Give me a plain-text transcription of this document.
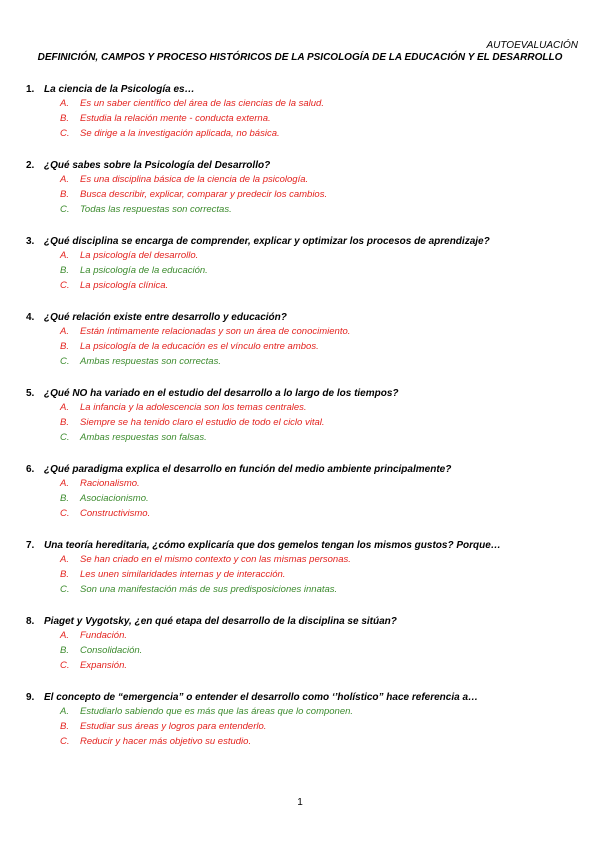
AUTOEVALUACIÓN
DEFINICIÓN, CAMPOS Y PROCESO HISTÓRICOS DE LA PSICOLOGÍA DE LA EDUCACIÓN Y EL DESARROLLO
1. La ciencia de la Psicología es…
A. Es un saber científico del área de las ciencias de la salud.
B. Estudia la relación mente - conducta externa.
C. Se dirige a la investigación aplicada, no básica.
2. ¿Qué sabes sobre la Psicología del Desarrollo?
A. Es una disciplina básica de la ciencia de la psicología.
B. Busca describir, explicar, comparar y predecir los cambios.
C. Todas las respuestas son correctas.
3. ¿Qué disciplina se encarga de comprender, explicar y optimizar los procesos de aprendizaje?
A. La psicología del desarrollo.
B. La psicología de la educación.
C. La psicología clínica.
4. ¿Qué relación existe entre desarrollo y educación?
A. Están íntimamente relacionadas y son un área de conocimiento.
B. La psicología de la educación es el vínculo entre ambos.
C. Ambas respuestas son correctas.
5. ¿Qué NO ha variado en el estudio del desarrollo a lo largo de los tiempos?
A. La infancia y la adolescencia son los temas centrales.
B. Siempre se ha tenido claro el estudio de todo el ciclo vital.
C. Ambas respuestas son falsas.
6. ¿Qué paradigma explica el desarrollo en función del medio ambiente principalmente?
A. Racionalismo.
B. Asociacionismo.
C. Constructivismo.
7. Una teoría hereditaria, ¿cómo explicaría que dos gemelos tengan los mismos gustos? Porque…
A. Se han criado en el mismo contexto y con las mismas personas.
B. Les unen similaridades internas y de interacción.
C. Son una manifestación más de sus predisposiciones innatas.
8. Piaget y Vygotsky, ¿en qué etapa del desarrollo de la disciplina se sitúan?
A. Fundación.
B. Consolidación.
C. Expansión.
9. El concepto de “emergencia” o entender el desarrollo como ‘’holístico” hace referencia a…
A. Estudiarlo sabiendo que es más que las áreas que lo componen.
B. Estudiar sus áreas y logros para entenderlo.
C. Reducir y hacer más objetivo su estudio.
1
